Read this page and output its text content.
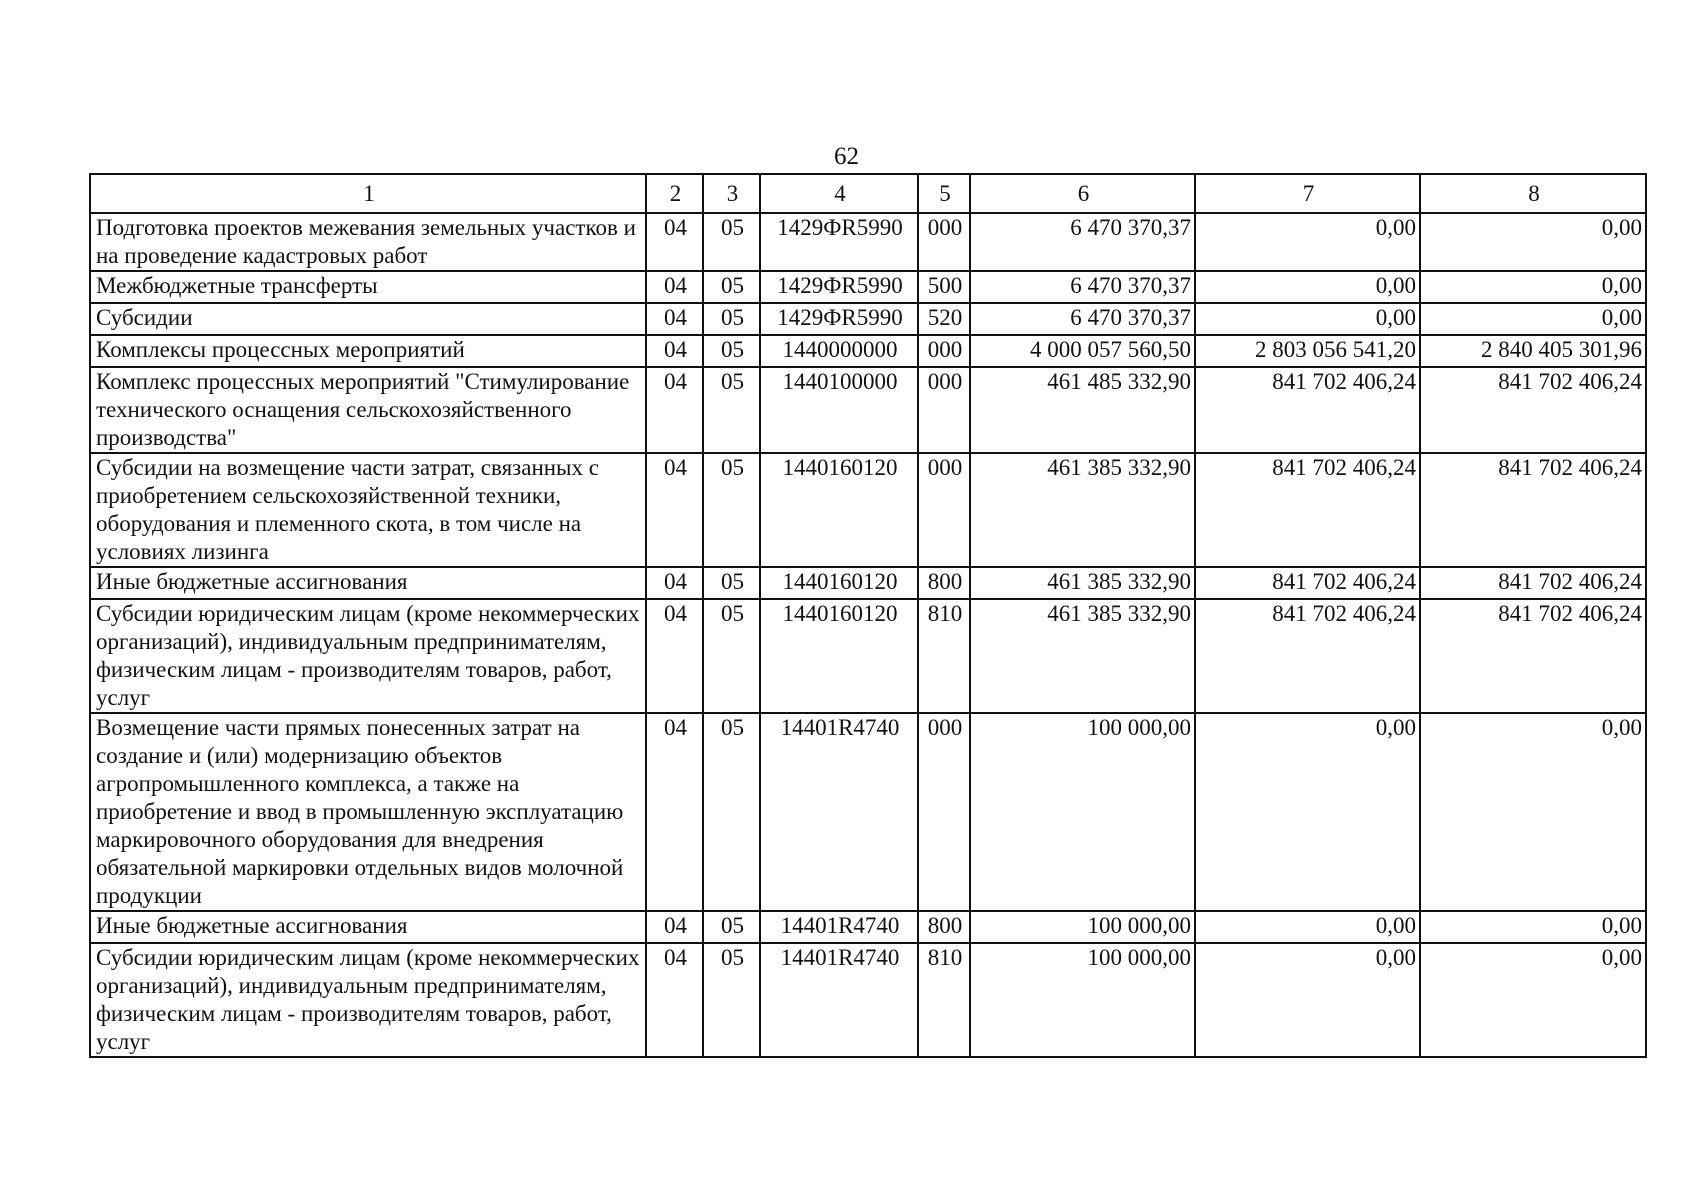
62
1	2	3	4	5	6	7	8
Подготовка проектов межевания земельных участков и на проведение кадастровых работ	04	05	1429ФR5990	000	6 470 370,37	0,00	0,00
Межбюджетные трансферты	04	05	1429ФR5990	500	6 470 370,37	0,00	0,00
Субсидии	04	05	1429ФR5990	520	6 470 370,37	0,00	0,00
Комплексы процессных мероприятий	04	05	1440000000	000	4 000 057 560,50	2 803 056 541,20	2 840 405 301,96
Комплекс процессных мероприятий "Стимулирование технического оснащения сельскохозяйственного производства"	04	05	1440100000	000	461 485 332,90	841 702 406,24	841 702 406,24
Субсидии на возмещение части затрат, связанных с приобретением сельскохозяйственной техники, оборудования и племенного скота, в том числе на условиях лизинга	04	05	1440160120	000	461 385 332,90	841 702 406,24	841 702 406,24
Иные бюджетные ассигнования	04	05	1440160120	800	461 385 332,90	841 702 406,24	841 702 406,24
Субсидии юридическим лицам (кроме некоммерческих организаций), индивидуальным предпринимателям, физическим лицам - производителям товаров, работ, услуг	04	05	1440160120	810	461 385 332,90	841 702 406,24	841 702 406,24
Возмещение части прямых понесенных затрат на создание и (или) модернизацию объектов агропромышленного комплекса, а также на приобретение и ввод в промышленную эксплуатацию маркировочного оборудования для внедрения обязательной маркировки отдельных видов молочной продукции	04	05	14401R4740	000	100 000,00	0,00	0,00
Иные бюджетные ассигнования	04	05	14401R4740	800	100 000,00	0,00	0,00
Субсидии юридическим лицам (кроме некоммерческих организаций), индивидуальным предпринимателям, физическим лицам - производителям товаров, работ, услуг	04	05	14401R4740	810	100 000,00	0,00	0,00
